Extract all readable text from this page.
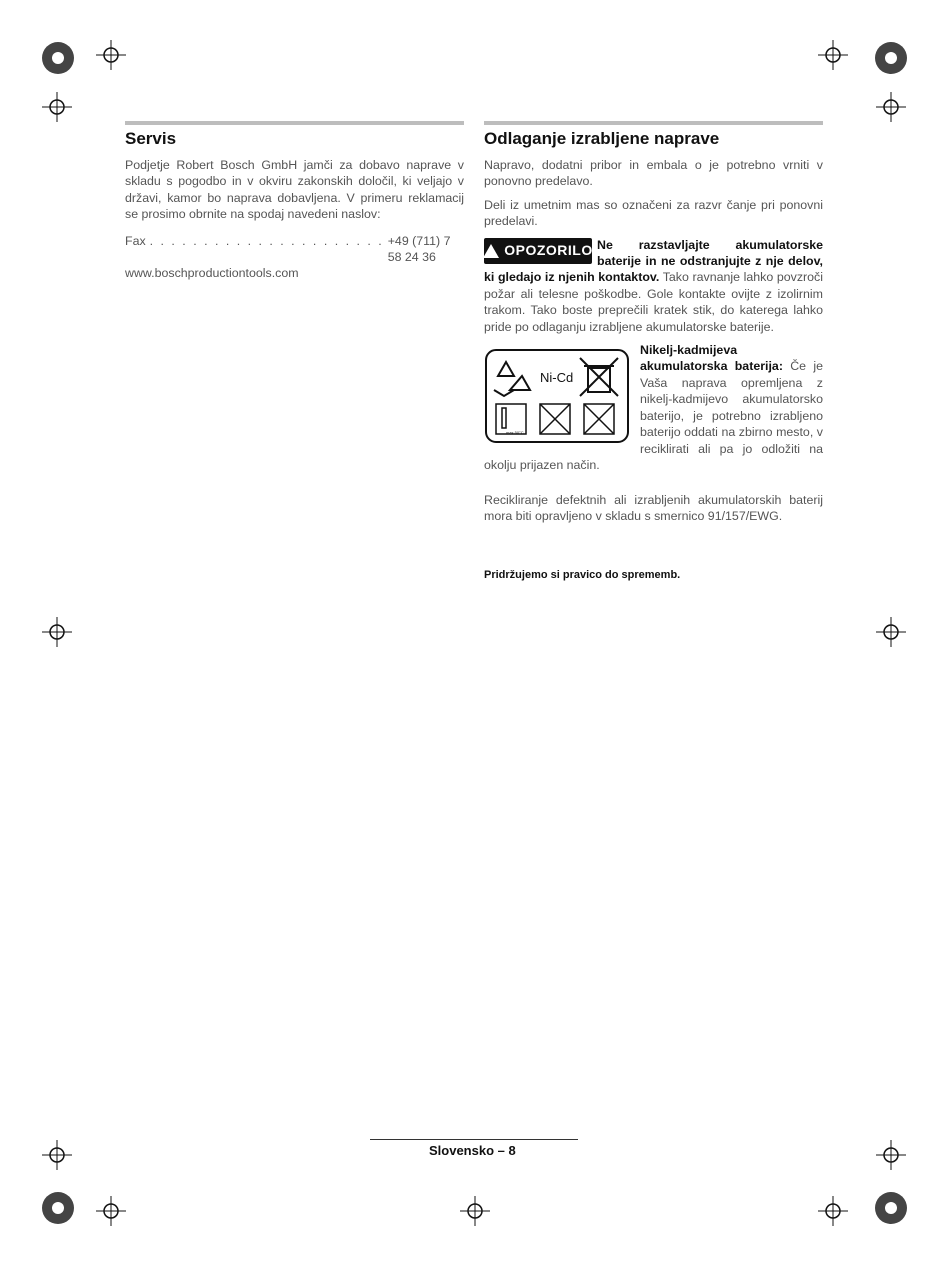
Servis

Podjetje Robert Bosch GmbH jamči za dobavo naprave v skladu s pogodbo in v okviru zakonskih določil, ki veljajo v državi, kamor bo naprava dobavljena. V primeru reklamacij se prosimo obrnite na spodaj navedeni naslov:

Fax . . . . . . . . . . . . . . . . . . . . . . +49 (711) 7 58 24 36
www.boschproductiontools.com
Odlaganje izrabljene naprave

Napravo, dodatni pribor in embala o je potrebno vrniti v ponovno predelavo.

Deli iz umetnim mas so označeni za razvr čanje pri ponovni predelavi.

OPOZORILO Ne razstavljajte akumulatorske baterije in ne odstranjujte z nje delov, ki gledajo iz njenih kontaktov. Tako ravnanje lahko povzroči požar ali telesne poškodbe. Gole kontakte ovijte z izolirnim trakom. Tako boste preprečili kratek stik, do katerega lahko pride po odlaganju izrabljene akumulatorske baterije.

Ni-Cd
max.50°C

Nikelj-kadmijeva akumulatorska baterija: Če je Vaša naprava opremljena z nikelj-kadmijevo akumulatorsko baterijo, je potrebno izrabljeno baterijo oddati na zbirno mesto, v reciklirati ali pa jo odložiti na okolju prijazen način.

Recikliranje defektnih ali izrabljenih akumulatorskih baterij mora biti opravljeno v skladu s smernico 91/157/EWG.

Pridržujemo si pravico do sprememb.
Slovensko – 8
